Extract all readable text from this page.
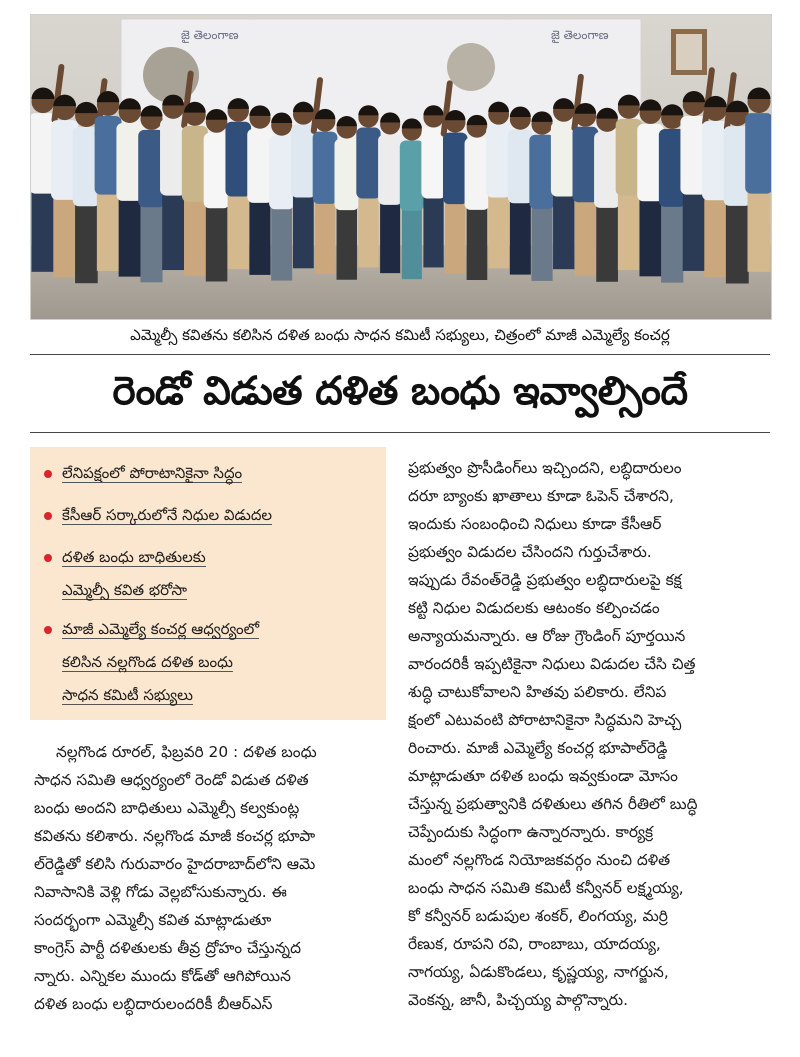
జై తెలంగాణ	జై తెలంగాణ
ఎమ్మెల్సీ కవితను కలిసిన దళిత బంధు సాధన కమిటీ సభ్యులు, చిత్రంలో మాజీ ఎమ్మెల్యే కంచర్ల
రెండో విడుత దళిత బంధు ఇవ్వాల్సిందే
లేనిపక్షంలో పోరాటానికైనా సిద్ధం
కేసీఆర్ సర్కారులోనే నిధుల విడుదల
దళిత బంధు బాధితులకు
ఎమ్మెల్సీ కవిత భరోసా
మాజీ ఎమ్మెల్యే కంచర్ల ఆధ్వర్యంలో
కలిసిన నల్లగొండ దళిత బంధు
సాధన కమిటీ సభ్యులు
నల్లగొండ రూరల్, ఫిబ్రవరి 20 : దళిత బంధు
సాధన సమితి ఆధ్వర్యంలో రెండో విడుత దళిత
బంధు అందని బాధితులు ఎమ్మెల్సీ కల్వకుంట్ల
కవితను కలిశారు. నల్లగొండ మాజీ కంచర్ల భూపా
ల్‌రెడ్డితో కలిసి గురువారం హైదరాబాద్‌లోని ఆమె
నివాసానికి వెళ్లి గోడు వెల్లబోసుకున్నారు. ఈ
సందర్భంగా ఎమ్మెల్సీ కవిత మాట్లాడుతూ
కాంగ్రెస్ పార్టీ దళితులకు తీవ్ర ద్రోహం చేస్తున్నద
న్నారు. ఎన్నికల ముందు కోడ్‌తో ఆగిపోయిన
దళిత బంధు లబ్ధిదారులందరికీ బీఆర్‌ఎస్
ప్రభుత్వం ప్రొసీడింగ్‌లు ఇచ్చిందని, లబ్ధిదారులం
దరూ బ్యాంకు ఖాతాలు కూడా ఓపెన్ చేశారని,
ఇందుకు సంబంధించి నిధులు కూడా కేసీఆర్
ప్రభుత్వం విడుదల చేసిందని గుర్తుచేశారు.
ఇప్పుడు రేవంత్‌రెడ్డి ప్రభుత్వం లబ్ధిదారులపై కక్ష
కట్టి నిధుల విడుదలకు ఆటంకం కల్పించడం
అన్యాయమన్నారు. ఆ రోజు గ్రౌండింగ్ పూర్తయిన
వారందరికీ ఇప్పటికైనా నిధులు విడుదల చేసి చిత్త
శుద్ధి చాటుకోవాలని హితవు పలికారు. లేనిప
క్షంలో ఎటువంటి పోరాటానికైనా సిద్ధమని హెచ్చ
రించారు. మాజీ ఎమ్మెల్యే కంచర్ల భూపాల్‌రెడ్డి
మాట్లాడుతూ దళిత బంధు ఇవ్వకుండా మోసం
చేస్తున్న ప్రభుత్వానికి దళితులు తగిన రీతిలో బుద్ధి
చెప్పేందుకు సిద్ధంగా ఉన్నారన్నారు. కార్యక్ర
మంలో నల్లగొండ నియోజకవర్గం నుంచి దళిత
బంధు సాధన సమితి కమిటీ కన్వీనర్ లక్ష్మయ్య,
కో కన్వీనర్ బడుపుల శంకర్, లింగయ్య, మర్రి
రేణుక, రూపని రవి, రాంబాబు, యాదయ్య,
నాగయ్య, ఏడుకొండలు, కృష్ణయ్య, నాగర్జున,
వెంకన్న, జానీ, పిచ్చయ్య పాల్గొన్నారు.
